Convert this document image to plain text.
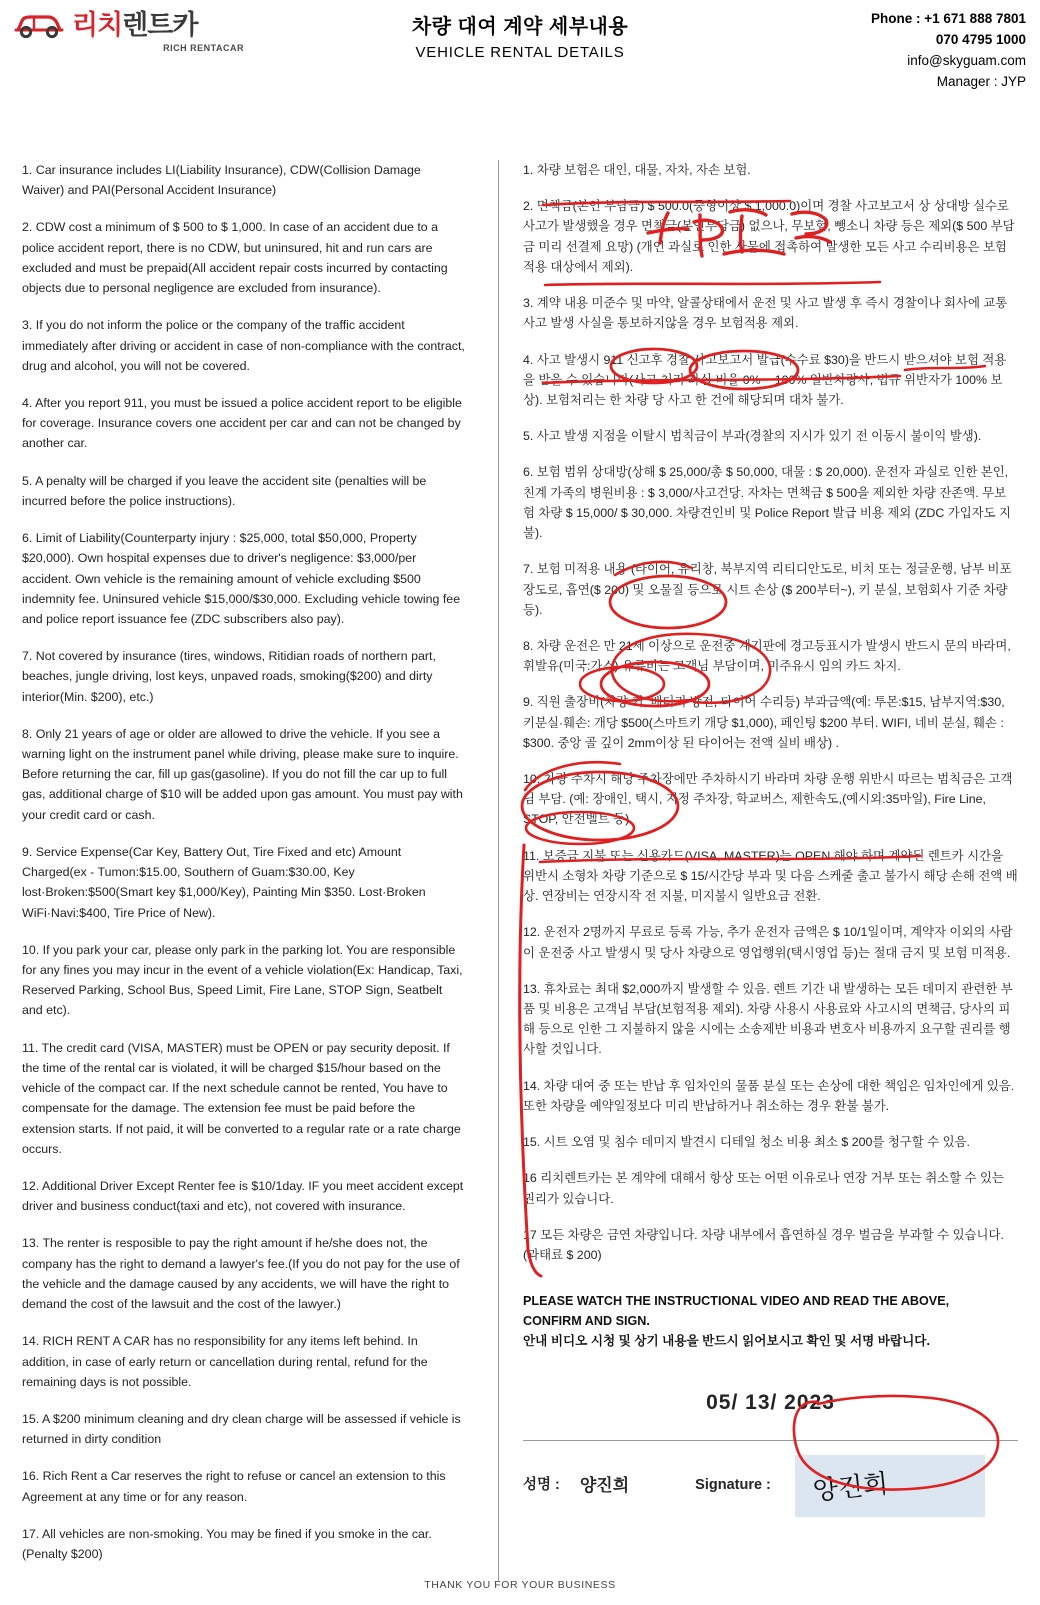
리치렌트카
RICH RENTACAR
차량 대여 계약 세부내용
VEHICLE RENTAL DETAILS
Phone : +1 671 888 7801
070 4795 1000
info@skyguam.com
Manager : JYP

1. Car insurance includes LI(Liability Insurance), CDW(Collision Damage Waiver) and PAI(Personal Accident Insurance)

2. CDW cost a minimum of $ 500 to $ 1,000. In case of an accident due to a police accident report, there is no CDW, but uninsured, hit and run cars are excluded and must be prepaid(All accident repair costs incurred by contacting objects due to personal negligence are excluded from insurance).

3. If you do not inform the police or the company of the traffic accident immediately after driving or accident in case of non-compliance with the contract, drug and alcohol, you will not be covered.

4. After you report 911, you must be issued a police accident report to be eligible for coverage. Insurance covers one accident per car and can not be changed by another car.

5. A penalty will be charged if you leave the accident site (penalties will be incurred before the police instructions).

6. Limit of Liability(Counterparty injury : $25,000, total $50,000, Property $20,000). Own hospital expenses due to driver's negligence: $3,000/per accident. Own vehicle is the remaining amount of vehicle excluding $500 indemnity fee. Uninsured vehicle $15,000/$30,000. Excluding vehicle towing fee and police report issuance fee (ZDC subscribers also pay).

7. Not covered by insurance (tires, windows, Ritidian roads of northern part, beaches, jungle driving, lost keys, unpaved roads, smoking($200) and dirty interior(Min. $200), etc.)

8. Only 21 years of age or older are allowed to drive the vehicle. If you see a warning light on the instrument panel while driving, please make sure to inquire. Before returning the car, fill up gas(gasoline). If you do not fill the car up to full gas, additional charge of $10 will be added upon gas amount. You must pay with your credit card or cash.

9. Service Expense(Car Key, Battery Out, Tire Fixed and etc) Amount Charged(ex - Tumon:$15.00, Southern of Guam:$30.00, Key lost·Broken:$500(Smart key $1,000/Key), Painting Min $350. Lost·Broken WiFi·Navi:$400, Tire Price of New).

10. If you park your car, please only park in the parking lot. You are responsible for any fines you may incur in the event of a vehicle violation(Ex: Handicap, Taxi, Reserved Parking, School Bus, Speed Limit, Fire Lane, STOP Sign, Seatbelt and etc).

11. The credit card (VISA, MASTER) must be OPEN or pay security deposit. If the time of the rental car is violated, it will be charged $15/hour based on the vehicle of the compact car. If the next schedule cannot be rented, You have to compensate for the damage. The extension fee must be paid before the extension starts. If not paid, it will be converted to a regular rate or a rate charge occurs.

12. Additional Driver Except Renter fee is $10/1day. IF you meet accident except driver and business conduct(taxi and etc), not covered with insurance.

13. The renter is resposible to pay the right amount if he/she does not, the company has the right to demand a lawyer's fee.(If you do not pay for the use of the vehicle and the damage caused by any accidents, we will have the right to demand the cost of the lawsuit and the cost of the lawyer.)

14. RICH RENT A CAR has no responsibility for any items left behind. In addition, in case of early return or cancellation during rental, refund for the remaining days is not possible.

15. A $200 minimum cleaning and dry clean charge will be assessed if vehicle is returned in dirty condition

16. Rich Rent a Car reserves the right to refuse or cancel an extension to this Agreement at any time or for any reason.

17. All vehicles are non-smoking. You may be fined if you smoke in the car. (Penalty $200)

1. 차량 보험은 대인, 대물, 자차, 자손 보험.

2. 면책금(본인 부담금) $ 500.0(중형이상 $ 1,000.0)이며 경찰 사고보고서 상 상대방 실수로 사고가 발생했을 경우 면책금(본인부담금) 없으나, 무보험, 뺑소니 차량 등은 제외($ 500 부담금 미리 선결제 요망) (개인 과실로 인한 사물에 접촉하여 발생한 모든 사고 수리비용은 보험적용 대상에서 제외).

3. 계약 내용 미준수 및 마약, 알콜상태에서 운전 및 사고 발생 후 즉시 경찰이나 회사에 교통 사고 발생 사실을 통보하지않을 경우 보험적용 제외.

4. 사고 발생시 911 신고후 경찰 사고보고서 발급(수수료 $30)을 반드시 받으셔야 보험 적용을 받을 수 있습니다(사고 처리 과실 비율 0% ~ 100% 일반차량사, 법규 위반자가 100% 보상). 보험처리는 한 차량 당 사고 한 건에 해당되며 대차 불가.

5. 사고 발생 지점을 이탈시 범칙금이 부과(경찰의 지시가 있기 전 이동시 불이익 발생).

6. 보험 범위 상대방(상해 $ 25,000/총 $ 50,000, 대물 : $ 20,000). 운전자 과실로 인한 본인, 친계 가족의 병원비용 : $ 3,000/사고건당. 자차는 면책금 $ 500을 제외한 차량 잔존액. 무보험 차량 $ 15,000/ $ 30,000. 차량견인비 및 Police Report 발급 비용 제외 (ZDC 가입자도 지불).

7. 보험 미적용 내용 (타이어, 유리창, 북부지역 리티디안도로, 비치 또는 정글운행, 남부 비포장도로, 흡연($ 200) 및 오물질 등으로 시트 손상 ($ 200부터~), 키 분실, 보험회사 기준 차량 등).

8. 차량 운전은 만 21세 이상으로 운전중 계기판에 경고등표시가 발생시 반드시 문의 바라며, 휘발유(미국:가스) 유류비는 고객님 부담이며, 미주유시 임의 카드 차지.

9. 직원 출장비(차량 키, 배터리 방전, 타이어 수리등) 부과금액(예: 투몬:$15, 남부지역:$30, 키분실·훼손: 개당 $500(스마트키 개당 $1,000), 페인팅 $200 부터. WIFI, 네비 분실, 훼손 : $300. 중앙 골 깊이 2mm이상 된 타이어는 전액 실비 배상) .

10. 차량 주차시 해당 주차장에만 주차하시기 바라며 차량 운행 위반시 따르는 범칙금은 고객님 부담. (예: 장애인, 택시, 지정 주차장, 학교버스, 제한속도,(예시외:35마일), Fire Line, STOP, 안전벨트 등).

11. 보증금 지불 또는 신용카드(VISA, MASTER)는 OPEN 해야 하며 계약된 렌트카 시간을 위반시 소형차 차량 기준으로 $ 15/시간당 부과 및 다음 스케줄 출고 불가시 해당 손해 전액 배상. 연장비는 연장시작 전 지불, 미지불시 일반요금 전환.

12. 운전자 2명까지 무료로 등록 가능, 추가 운전자 금액은 $ 10/1일이며, 계약자 이외의 사람이 운전중 사고 발생시 및 당사 차량으로 영업행위(택시영업 등)는 절대 금지 및 보험 미적용.

13. 휴차료는 최대 $2,000까지 발생할 수 있음. 렌트 기간 내 발생하는 모든 데미지 관련한 부품 및 비용은 고객님 부담(보험적용 제외). 차량 사용시 사용료와 사고시의 면책금, 당사의 피해 등으로 인한 그 지불하지 않을 시에는 소송제반 비용과 변호사 비용까지 요구할 권리를 행사할 것입니다.

14. 차량 대여 중 또는 반납 후 임차인의 물품 분실 또는 손상에 대한 책임은 임차인에게 있음. 또한 차량을 예약일정보다 미리 반납하거나 취소하는 경우 환불 불가.

15. 시트 오염 및 침수 데미지 발견시 디테일 청소 비용 최소 $ 200를 청구할 수 있음.

16 리치렌트카는 본 계약에 대해서 항상 또는 어떤 이유로나 연장 거부 또는 취소할 수 있는 권리가 있습니다.

17 모든 차량은 금연 차량입니다. 차량 내부에서 흡연하실 경우 벌금을 부과할 수 있습니다. (과태료 $ 200)

PLEASE WATCH THE INSTRUCTIONAL VIDEO AND READ THE ABOVE,
CONFIRM AND SIGN.
안내 비디오 시청 및 상기 내용을 반드시 읽어보시고 확인 및 서명 바랍니다.
05/ 13/ 2023
성명 : 양진희	Signature : 양진희
THANK YOU FOR YOUR BUSINESS
